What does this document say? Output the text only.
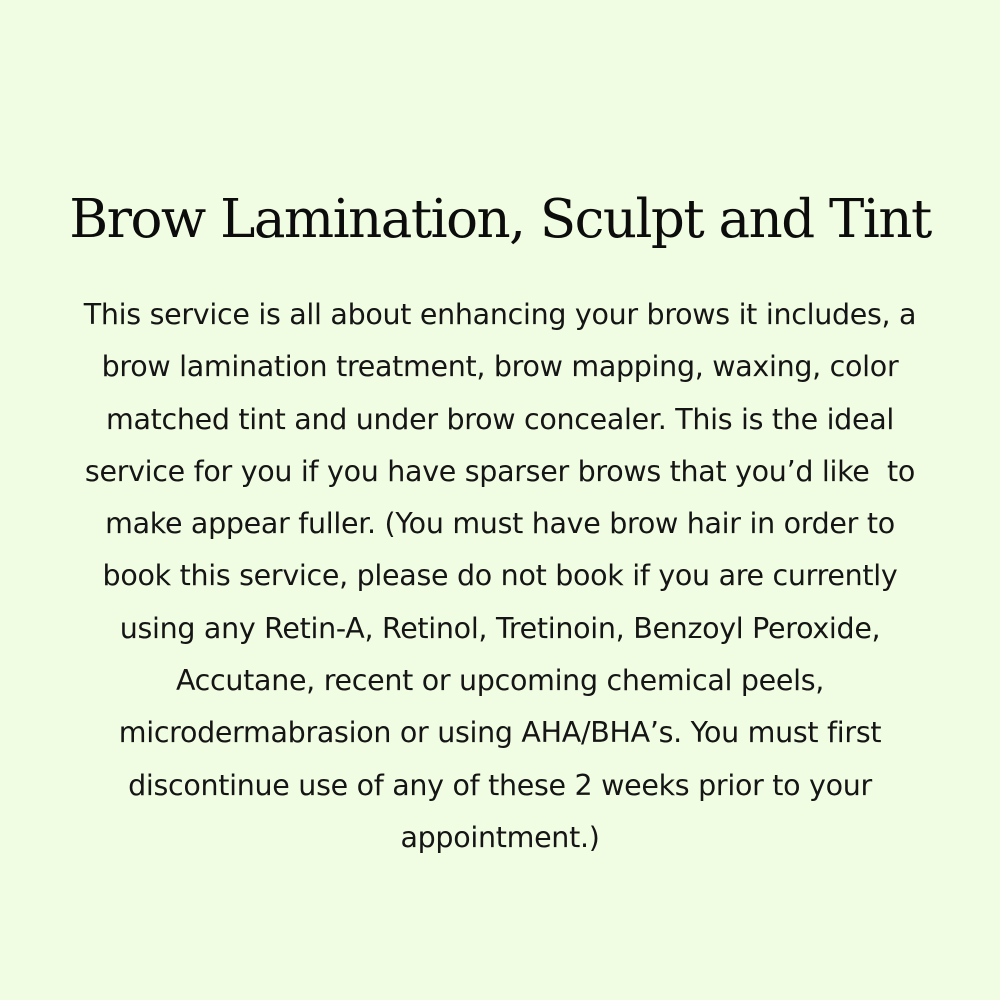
Brow Lamination, Sculpt and Tint
This service is all about enhancing your brows it includes, a
brow lamination treatment, brow mapping, waxing, color
matched tint and under brow concealer. This is the ideal
service for you if you have sparser brows that you’d like  to
make appear fuller. (You must have brow hair in order to
book this service, please do not book if you are currently
using any Retin-A, Retinol, Tretinoin, Benzoyl Peroxide,
Accutane, recent or upcoming chemical peels,
microdermabrasion or using AHA/BHA’s. You must first
discontinue use of any of these 2 weeks prior to your
appointment.)
